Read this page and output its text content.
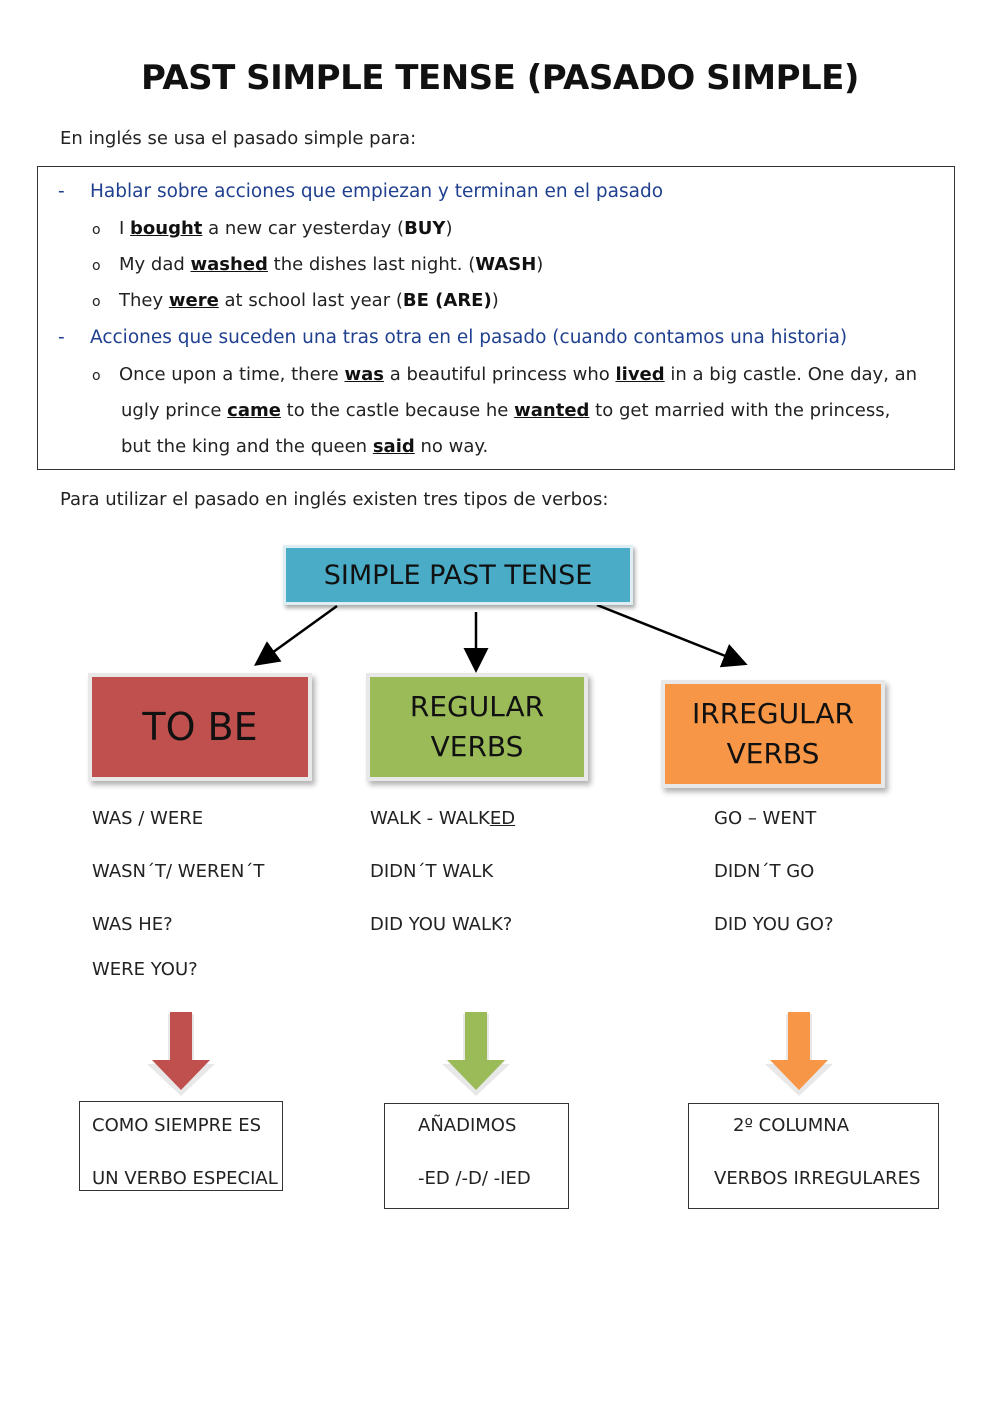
PAST SIMPLE TENSE (PASADO SIMPLE)
En inglés se usa el pasado simple para:
- Hablar sobre acciones que empiezan y terminan en el pasado
o I bought a new car yesterday (BUY)
o My dad washed the dishes last night. (WASH)
o They were at school last year (BE (ARE))
- Acciones que suceden una tras otra en el pasado (cuando contamos una historia)
o Once upon a time, there was a beautiful princess who lived in a big castle. One day, an
ugly prince came to the castle because he wanted to get married with the princess,
but the king and the queen said no way.
Para utilizar el pasado en inglés existen tres tipos de verbos:
SIMPLE PAST TENSE
TO BE	REGULAR
VERBS
IRREGULAR
VERBS
WAS / WERE
WASN´T/ WEREN´T
WAS HE?
WERE YOU?
WALK - WALKED
DIDN´T WALK
DID YOU WALK?
GO – WENT
DIDN´T GO
DID YOU GO?
COMO SIEMPRE ES
UN VERBO ESPECIAL
AÑADIMOS
-ED /-D/ -IED
2º COLUMNA
VERBOS IRREGULARES
